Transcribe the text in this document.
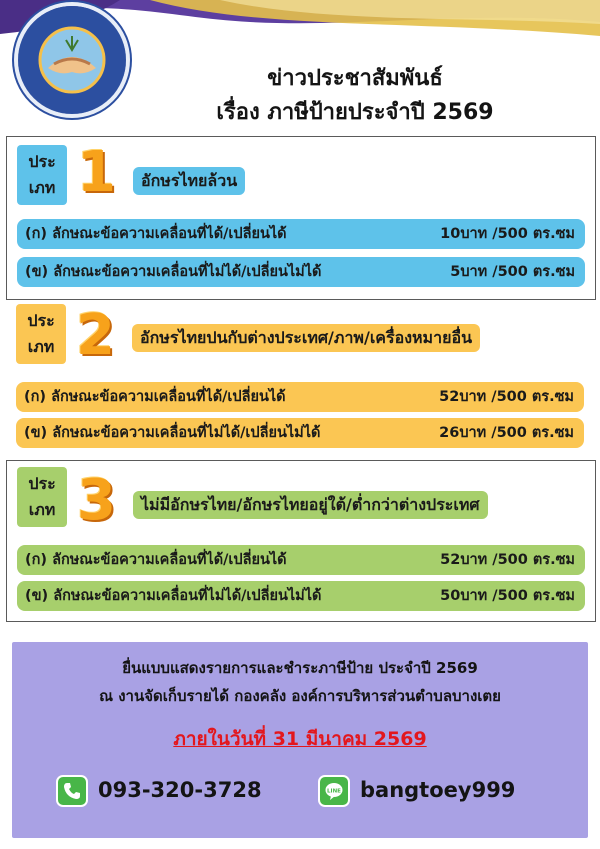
ข่าวประชาสัมพันธ์
เรื่อง ภาษีป้ายประจำปี 2569
ประ
เภท 1	อักษรไทยล้วน
(ก) ลักษณะข้อความเคลื่อนที่ได้/เปลี่ยนได้	10บาท /500 ตร.ซม
(ข) ลักษณะข้อความเคลื่อนที่ไม่ได้/เปลี่ยนไม่ได้	5บาท /500 ตร.ซม
ประ
เภท 2	อักษรไทยปนกับต่างประเทศ/ภาพ/เครื่องหมายอื่น
(ก) ลักษณะข้อความเคลื่อนที่ได้/เปลี่ยนได้	52บาท /500 ตร.ซม
(ข) ลักษณะข้อความเคลื่อนที่ไม่ได้/เปลี่ยนไม่ได้	26บาท /500 ตร.ซม
ประ
เภท 3	ไม่มีอักษรไทย/อักษรไทยอยู่ใต้/ต่ำกว่าต่างประเทศ
(ก) ลักษณะข้อความเคลื่อนที่ได้/เปลี่ยนได้	52บาท /500 ตร.ซม
(ข) ลักษณะข้อความเคลื่อนที่ไม่ได้/เปลี่ยนไม่ได้	50บาท /500 ตร.ซม
ยื่นแบบแสดงรายการและชำระภาษีป้าย ประจำปี 2569
ณ งานจัดเก็บรายได้ กองคลัง องค์การบริหารส่วนตำบลบางเตย
ภายในวันที่ 31 มีนาคม 2569
093-320-3728	LINE bangtoey999
